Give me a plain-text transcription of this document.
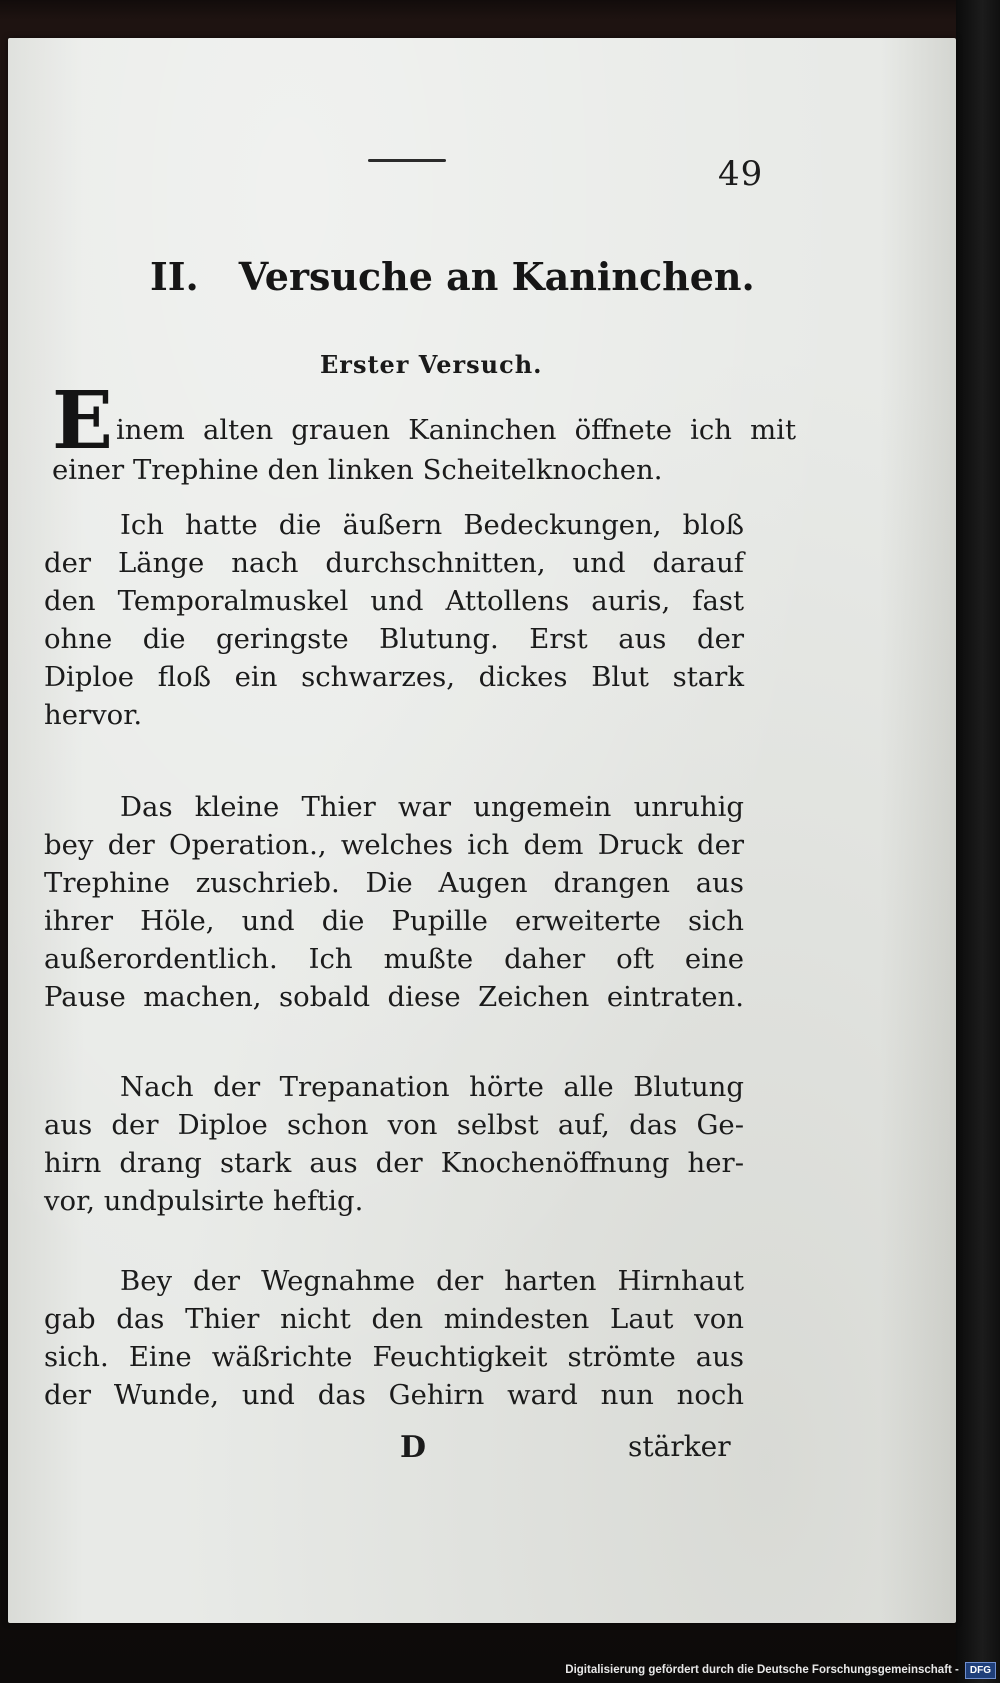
49
II. Versuche an Kaninchen.
Erster Versuch.
E inem alten grauen Kaninchen öffnete ich mit
einer Trephine den linken Scheitelknochen.
Ich hatte die äußern Bedeckungen, bloß
der Länge nach durchschnitten, und darauf
den Temporalmuskel und Attollens auris, fast
ohne die geringste Blutung. Erst aus der
Diploe floß ein schwarzes, dickes Blut stark
hervor.
Das kleine Thier war ungemein unruhig
bey der Operation., welches ich dem Druck der
Trephine zuschrieb. Die Augen drangen aus
ihrer Höle, und die Pupille erweiterte sich
außerordentlich. Ich mußte daher oft eine
Pause machen, sobald diese Zeichen eintraten.
Nach der Trepanation hörte alle Blutung
aus der Diploe schon von selbst auf, das Ge-
hirn drang stark aus der Knochenöffnung her-
vor, undpulsirte heftig.
Bey der Wegnahme der harten Hirnhaut
gab das Thier nicht den mindesten Laut von
sich. Eine wäßrichte Feuchtigkeit strömte aus
der Wunde, und das Gehirn ward nun noch
D	stärker
Digitalisierung gefördert durch die Deutsche Forschungsgemeinschaft -	DFG
